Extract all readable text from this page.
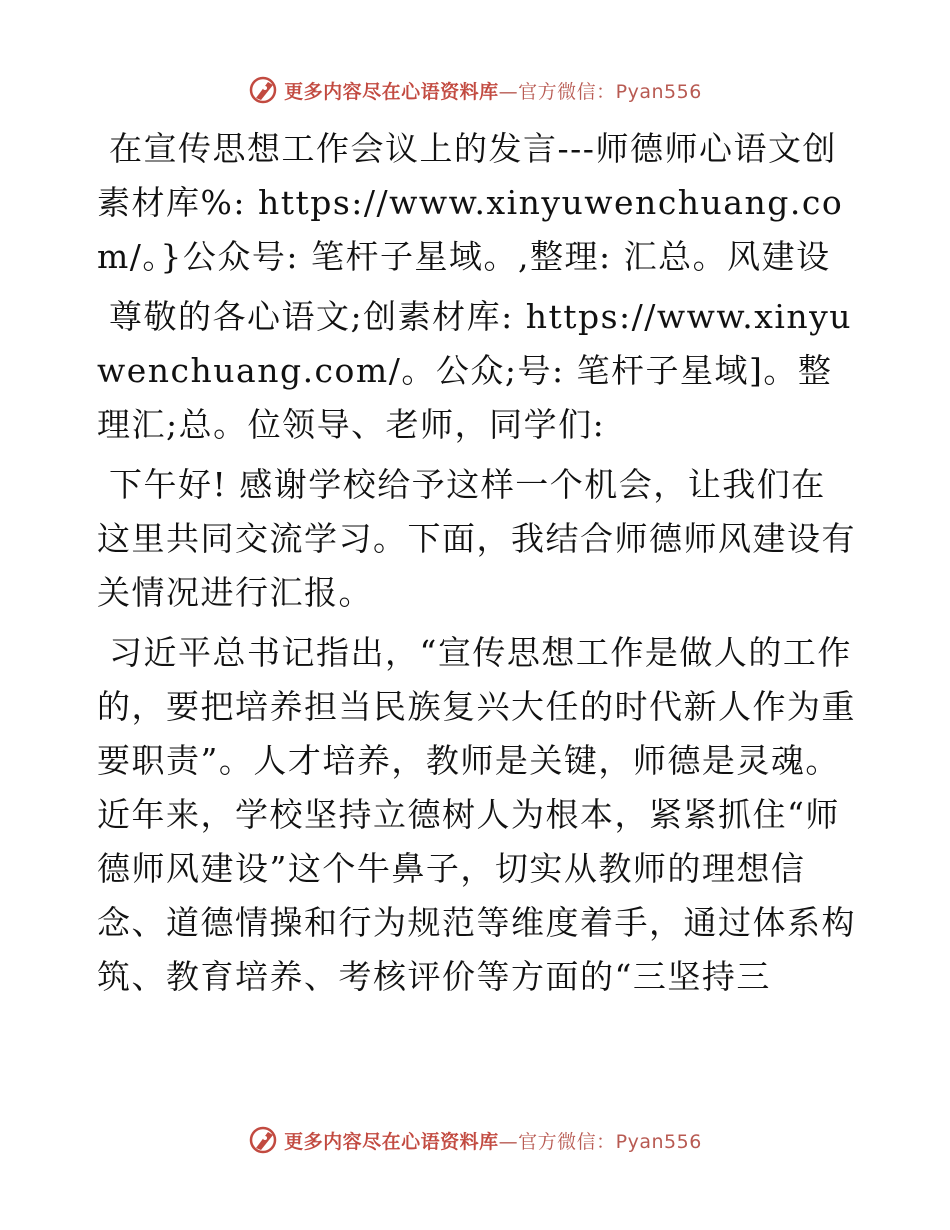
更多内容尽在心语资料库—官方微信：Pyan556

在宣传思想工作会议上的发言---师德师心语文创素材库%: https://www.xinyuwenchuang.com/。}公众号: 笔杆子星域。,整理: 汇总。风建设

尊敬的各心语文;创素材库: https://www.xinyuwenchuang.com/。公众;号: 笔杆子星域]。整理汇;总。位领导、老师，同学们:

下午好! 感谢学校给予这样一个机会，让我们在这里共同交流学习。下面，我结合师德师风建设有关情况进行汇报。

习近平总书记指出，“宣传思想工作是做人的工作的，要把培养担当民族复兴大任的时代新人作为重要职责”。人才培养，教师是关键，师德是灵魂。近年来，学校坚持立德树人为根本，紧紧抓住“师德师风建设”这个牛鼻子，切实从教师的理想信念、道德情操和行为规范等维度着手，通过体系构筑、教育培养、考核评价等方面的“三坚持三

更多内容尽在心语资料库—官方微信：Pyan556
